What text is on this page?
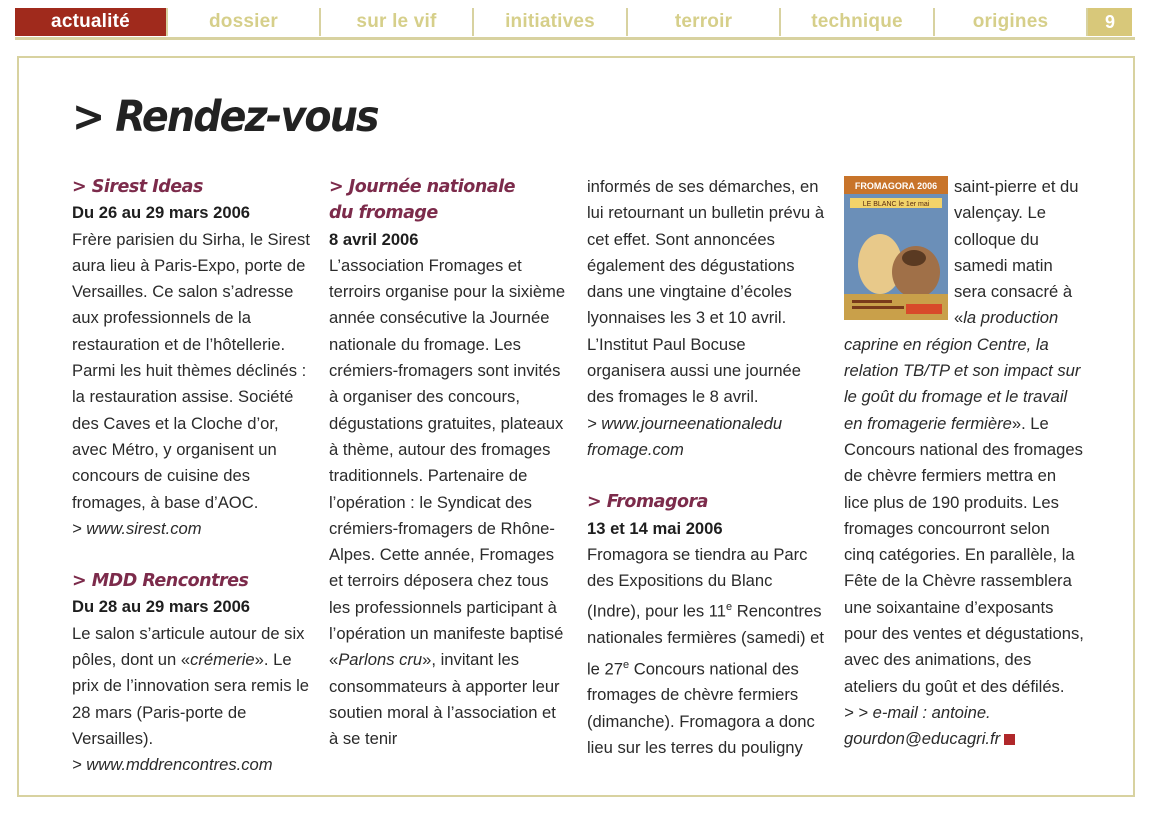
actualité	dossier	sur le vif	initiatives	terroir	technique	origines	9
> Rendez-vous

> Sirest Ideas

Du 26 au 29 mars 2006

Frère parisien du Sirha, le Sirest aura lieu à Paris-Expo, porte de Versailles. Ce salon s’adresse aux professionnels de la restauration et de l’hôtellerie. Parmi les huit thèmes déclinés : la restauration assise. Société des Caves et la Cloche d’or, avec Métro, y organisent un concours de cuisine des fromages, à base d’AOC.

> www.sirest.com

> MDD Rencontres

Du 28 au 29 mars 2006

Le salon s’articule autour de six pôles, dont un «crémerie». Le prix de l’innovation sera remis le 28 mars (Paris-porte de Versailles).

> www.mddrencontres.com

> Journée nationale

du fromage

8 avril 2006

L’association Fromages et terroirs organise pour la sixième année consécutive la Journée nationale du fromage. Les crémiers-fromagers sont invités à organiser des concours, dégustations gratuites, plateaux à thème, autour des fromages traditionnels. Partenaire de l’opération : le Syndicat des crémiers-fromagers de Rhône-Alpes. Cette année, Fromages et terroirs déposera chez tous les professionnels participant à l’opération un manifeste baptisé «Parlons cru», invitant les consommateurs à apporter leur soutien moral à l’association et à se tenir

informés de ses démarches, en lui retournant un bulletin prévu à cet effet. Sont annoncées également des dégustations dans une vingtaine d’écoles lyonnaises les 3 et 10 avril. L’Institut Paul Bocuse organisera aussi une journée des fromages le 8 avril.

> www.journeenationaledu fromage.com

> Fromagora

13 et 14 mai 2006

Fromagora se tiendra au Parc des Expositions du Blanc (Indre), pour les 11e Rencontres nationales fermières (samedi) et le 27e Concours national des fromages de chèvre fermiers (dimanche). Fromagora a donc lieu sur les terres du pouligny

FROMAGORA 2006
LE BLANC le 1er mai

saint-pierre et du valençay. Le colloque du samedi matin sera consacré à «la production caprine en région Centre, la relation TB/TP et son impact sur le goût du fromage et le travail en fromagerie fermière». Le Concours national des fromages de chèvre fermiers mettra en lice plus de 190 produits. Les fromages concourront selon cinq catégories. En parallèle, la Fête de la Chèvre rassemblera une soixantaine d’exposants pour des ventes et dégustations, avec des animations, des ateliers du goût et des défilés.

> > e-mail : antoine. gourdon@educagri.fr
